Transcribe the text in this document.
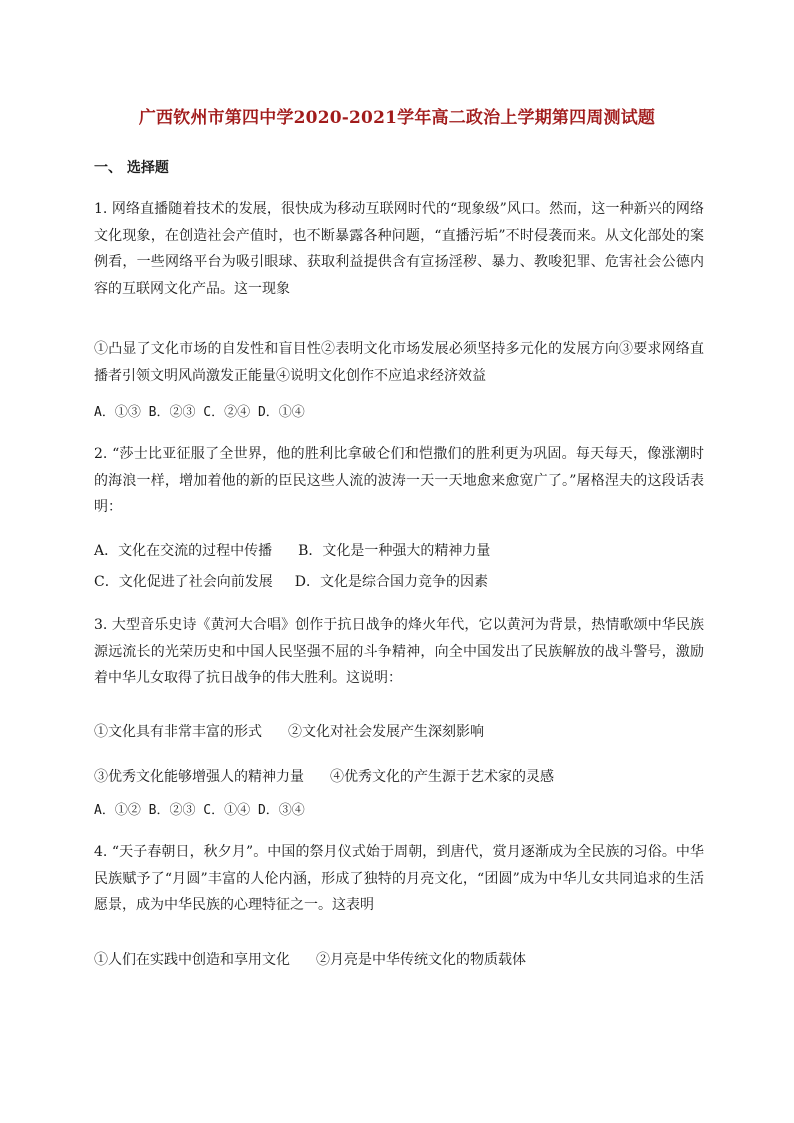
广西钦州市第四中学2020-2021学年高二政治上学期第四周测试题
一、 选择题
1. 网络直播随着技术的发展，很快成为移动互联网时代的“现象级”风口。然而，这一种新兴的网络文化现象，在创造社会产值时，也不断暴露各种问题，“直播污垢”不时侵袭而来。从文化部处的案例看，一些网络平台为吸引眼球、获取利益提供含有宣扬淫秽、暴力、教唆犯罪、危害社会公德内容的互联网文化产品。这一现象
①凸显了文化市场的自发性和盲目性②表明文化市场发展必须坚持多元化的发展方向③要求网络直播者引领文明风尚激发正能量④说明文化创作不应追求经济效益
A．①③ B．②③ C．②④ D．①④
2. “莎士比亚征服了全世界，他的胜利比拿破仑们和恺撒们的胜利更为巩固。每天每天，像涨潮时的海浪一样，增加着他的新的臣民这些人流的波涛一天一天地愈来愈宽广了。”屠格涅夫的这段话表明：
A．文化在交流的过程中传播 B．文化是一种强大的精神力量
C．文化促进了社会向前发展 D．文化是综合国力竞争的因素
3. 大型音乐史诗《黄河大合唱》创作于抗日战争的烽火年代，它以黄河为背景，热情歌颂中华民族源远流长的光荣历史和中国人民坚强不屈的斗争精神，向全中国发出了民族解放的战斗警号，激励着中华儿女取得了抗日战争的伟大胜利。这说明：
①文化具有非常丰富的形式 ②文化对社会发展产生深刻影响
③优秀文化能够增强人的精神力量 ④优秀文化的产生源于艺术家的灵感
A．①② B．②③ C．①④ D．③④
4. “天子春朝日，秋夕月”。中国的祭月仪式始于周朝，到唐代，赏月逐渐成为全民族的习俗。中华民族赋予了“月圆”丰富的人伦内涵，形成了独特的月亮文化，“团圆”成为中华儿女共同追求的生活愿景，成为中华民族的心理特征之一。这表明
①人们在实践中创造和享用文化 ②月亮是中华传统文化的物质载体
